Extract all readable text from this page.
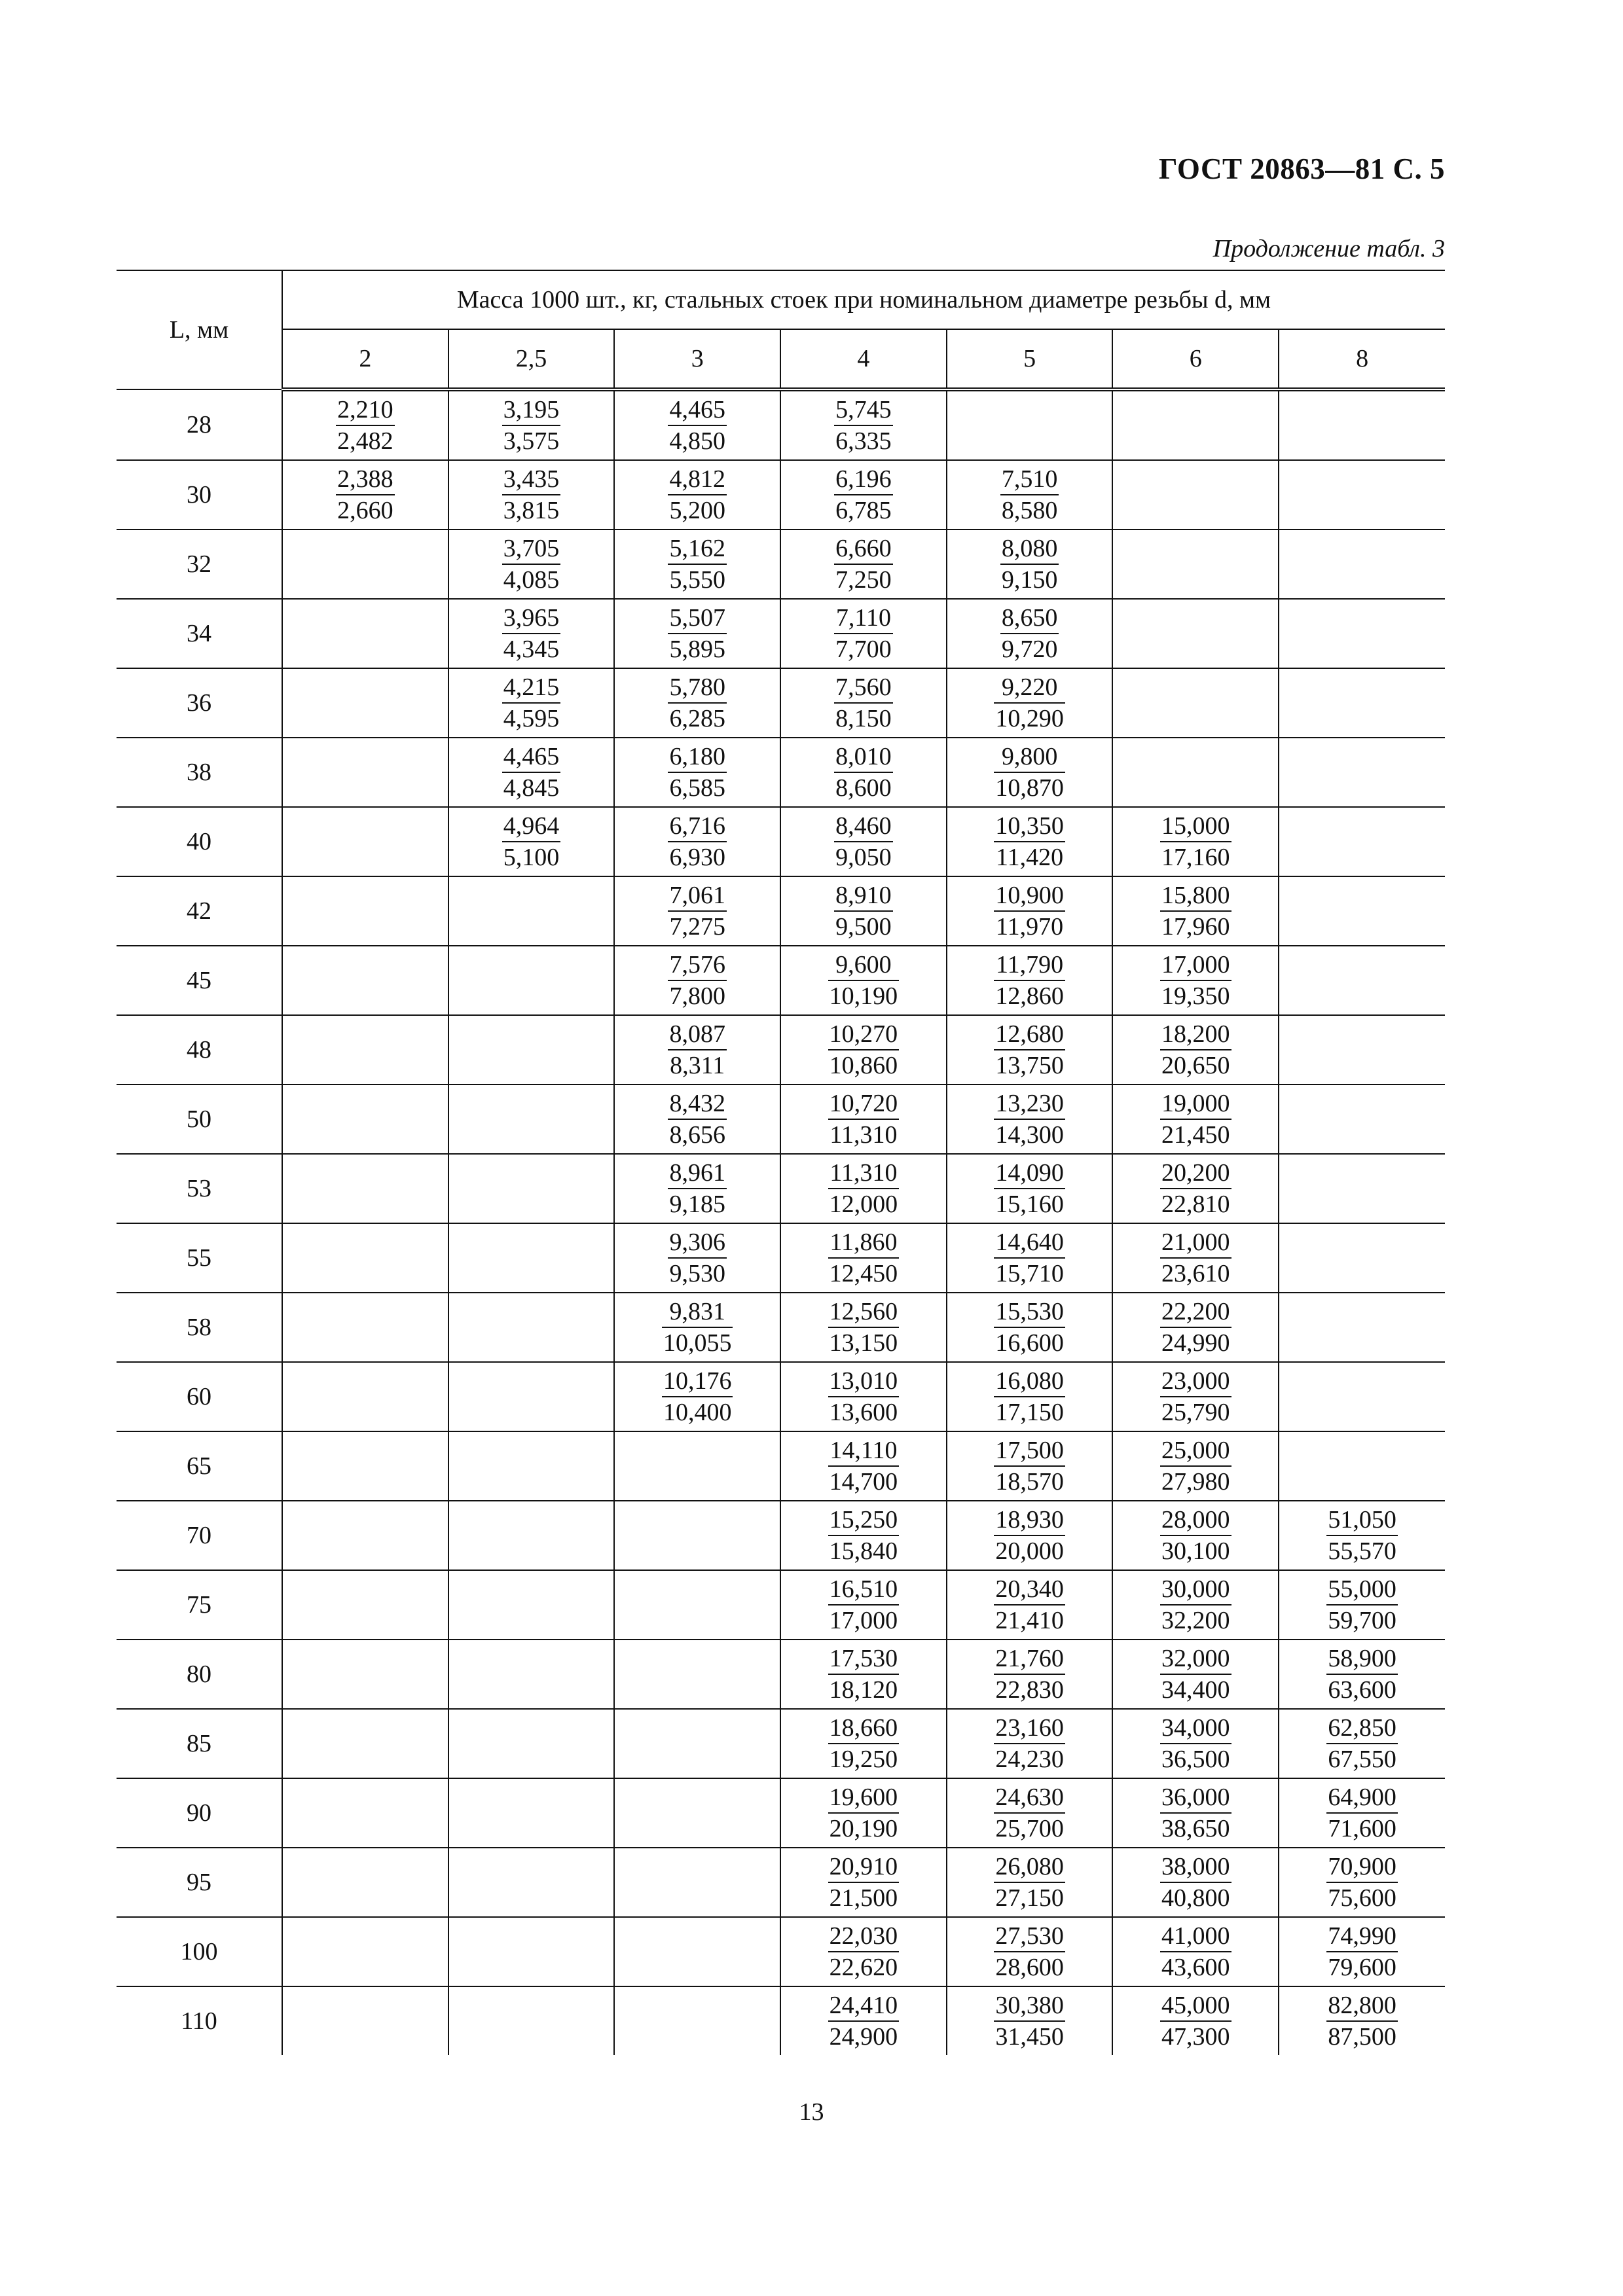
ГОСТ 20863—81 С. 5
Продолжение табл. 3
L, мм	Масса 1000 шт., кг, стальных стоек при номинальном диаметре резьбы d, мм						
	2	2,5	3	4	5	6	8
28	$\frac{2,210}{2,482}$	$\frac{3,195}{3,575}$	$\frac{4,465}{4,850}$	$\frac{5,745}{6,335}$

30	$\frac{2,388}{2,660}$	$\frac{3,435}{3,815}$	$\frac{4,812}{5,200}$	$\frac{6,196}{6,785}$	$\frac{7,510}{8,580}$

32		$\frac{3,705}{4,085}$	$\frac{5,162}{5,550}$	$\frac{6,660}{7,250}$	$\frac{8,080}{9,150}$

34		$\frac{3,965}{4,345}$	$\frac{5,507}{5,895}$	$\frac{7,110}{7,700}$	$\frac{8,650}{9,720}$

36		$\frac{4,215}{4,595}$	$\frac{5,780}{6,285}$	$\frac{7,560}{8,150}$	$\frac{9,220}{10,290}$

38		$\frac{4,465}{4,845}$	$\frac{6,180}{6,585}$	$\frac{8,010}{8,600}$	$\frac{9,800}{10,870}$

40		$\frac{4,964}{5,100}$	$\frac{6,716}{6,930}$	$\frac{8,460}{9,050}$	$\frac{10,350}{11,420}$	$\frac{15,000}{17,160}$

42			$\frac{7,061}{7,275}$	$\frac{8,910}{9,500}$	$\frac{10,900}{11,970}$	$\frac{15,800}{17,960}$

45			$\frac{7,576}{7,800}$	$\frac{9,600}{10,190}$	$\frac{11,790}{12,860}$	$\frac{17,000}{19,350}$

48			$\frac{8,087}{8,311}$	$\frac{10,270}{10,860}$	$\frac{12,680}{13,750}$	$\frac{18,200}{20,650}$

50			$\frac{8,432}{8,656}$	$\frac{10,720}{11,310}$	$\frac{13,230}{14,300}$	$\frac{19,000}{21,450}$

53			$\frac{8,961}{9,185}$	$\frac{11,310}{12,000}$	$\frac{14,090}{15,160}$	$\frac{20,200}{22,810}$

55			$\frac{9,306}{9,530}$	$\frac{11,860}{12,450}$	$\frac{14,640}{15,710}$	$\frac{21,000}{23,610}$

58			$\frac{9,831}{10,055}$	$\frac{12,560}{13,150}$	$\frac{15,530}{16,600}$	$\frac{22,200}{24,990}$

60			$\frac{10,176}{10,400}$	$\frac{13,010}{13,600}$	$\frac{16,080}{17,150}$	$\frac{23,000}{25,790}$

65				$\frac{14,110}{14,700}$	$\frac{17,500}{18,570}$	$\frac{25,000}{27,980}$

70				$\frac{15,250}{15,840}$	$\frac{18,930}{20,000}$	$\frac{28,000}{30,100}$	$\frac{51,050}{55,570}$

75				$\frac{16,510}{17,000}$	$\frac{20,340}{21,410}$	$\frac{30,000}{32,200}$	$\frac{55,000}{59,700}$

80				$\frac{17,530}{18,120}$	$\frac{21,760}{22,830}$	$\frac{32,000}{34,400}$	$\frac{58,900}{63,600}$

85				$\frac{18,660}{19,250}$	$\frac{23,160}{24,230}$	$\frac{34,000}{36,500}$	$\frac{62,850}{67,550}$

90				$\frac{19,600}{20,190}$	$\frac{24,630}{25,700}$	$\frac{36,000}{38,650}$	$\frac{64,900}{71,600}$

95				$\frac{20,910}{21,500}$	$\frac{26,080}{27,150}$	$\frac{38,000}{40,800}$	$\frac{70,900}{75,600}$

100				$\frac{22,030}{22,620}$	$\frac{27,530}{28,600}$	$\frac{41,000}{43,600}$	$\frac{74,990}{79,600}$

110				$\frac{24,410}{24,900}$	$\frac{30,380}{31,450}$	$\frac{45,000}{47,300}$	$\frac{82,800}{87,500}$
13
